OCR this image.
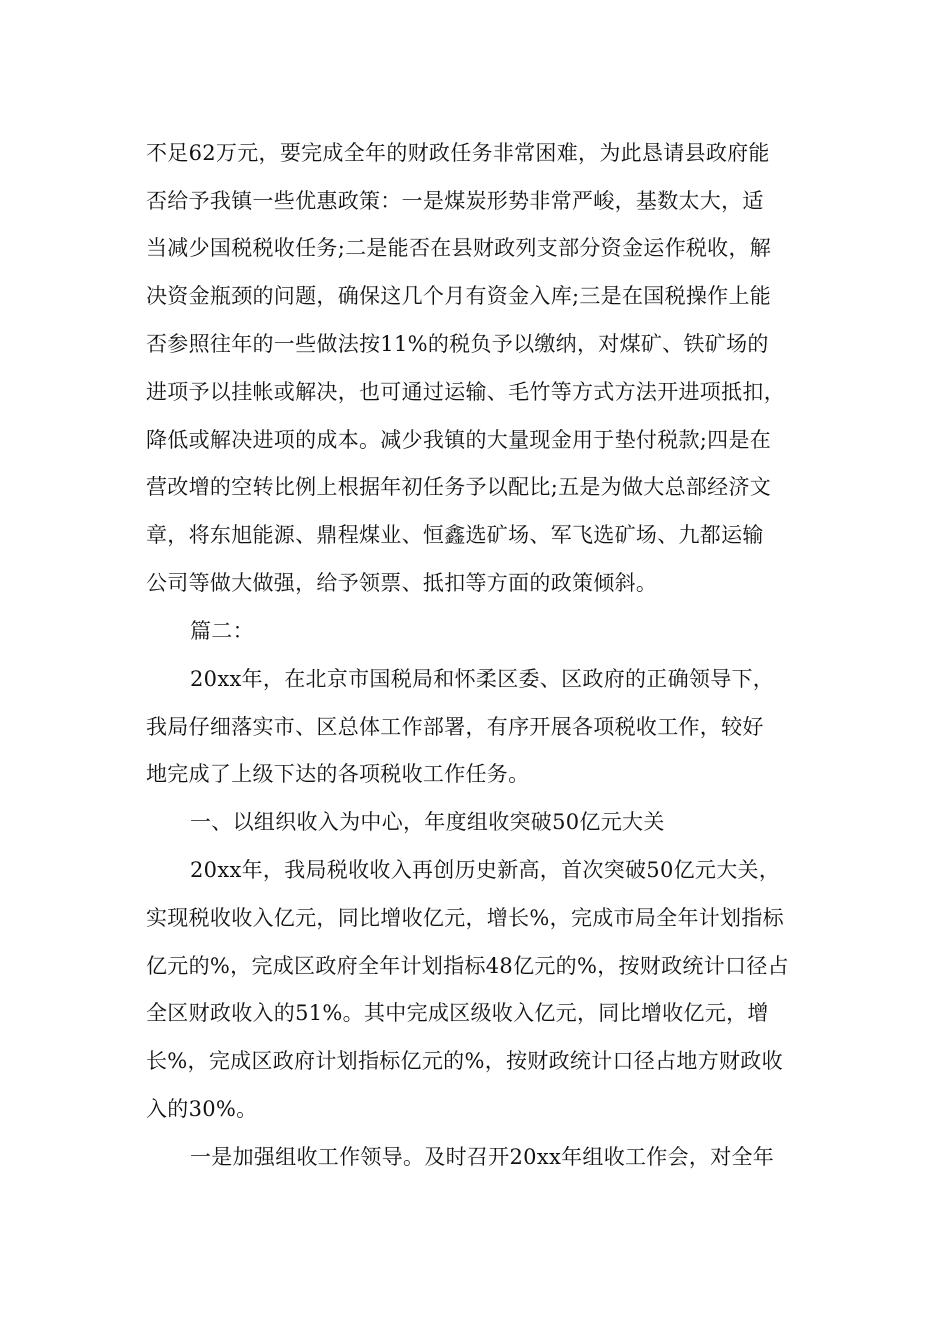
不足62万元，要完成全年的财政任务非常困难，为此恳请县政府能
否给予我镇一些优惠政策：一是煤炭形势非常严峻，基数太大，适
当减少国税税收任务;二是能否在县财政列支部分资金运作税收，解
决资金瓶颈的问题，确保这几个月有资金入库;三是在国税操作上能
否参照往年的一些做法按11%的税负予以缴纳，对煤矿、铁矿场的
进项予以挂帐或解决，也可通过运输、毛竹等方式方法开进项抵扣，
降低或解决进项的成本。减少我镇的大量现金用于垫付税款;四是在
营改增的空转比例上根据年初任务予以配比;五是为做大总部经济文
章，将东旭能源、鼎程煤业、恒鑫选矿场、军飞选矿场、九都运输
公司等做大做强，给予领票、抵扣等方面的政策倾斜。
篇二：
20xx年，在北京市国税局和怀柔区委、区政府的正确领导下，
我局仔细落实市、区总体工作部署，有序开展各项税收工作，较好
地完成了上级下达的各项税收工作任务。
一、以组织收入为中心，年度组收突破50亿元大关
20xx年，我局税收收入再创历史新高，首次突破50亿元大关，
实现税收收入亿元，同比增收亿元，增长%，完成市局全年计划指标
亿元的%，完成区政府全年计划指标48亿元的%，按财政统计口径占
全区财政收入的51%。其中完成区级收入亿元，同比增收亿元，增
长%，完成区政府计划指标亿元的%，按财政统计口径占地方财政收
入的30%。
一是加强组收工作领导。及时召开20xx年组收工作会，对全年
